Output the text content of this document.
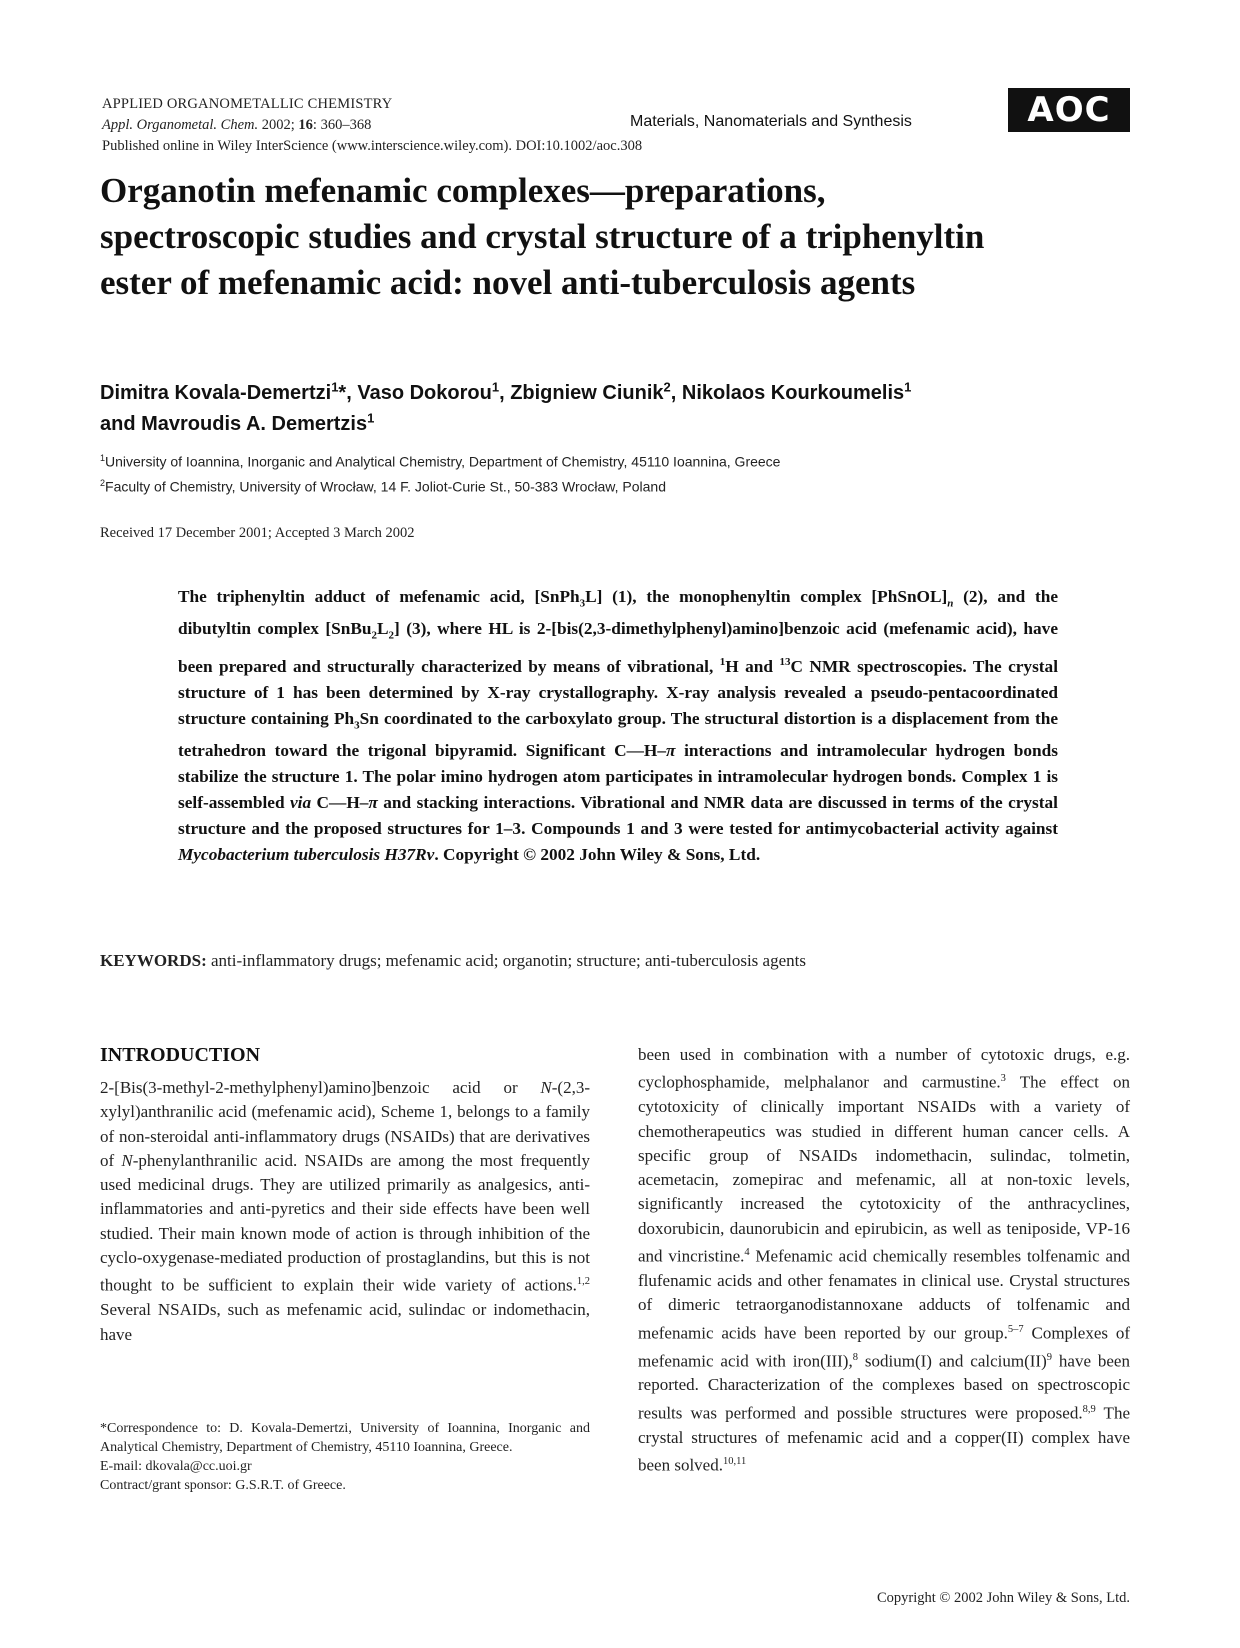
APPLIED ORGANOMETALLIC CHEMISTRY
Appl. Organometal. Chem. 2002; 16: 360–368
Published online in Wiley InterScience (www.interscience.wiley.com). DOI:10.1002/aoc.308
Materials, Nanomaterials and Synthesis	AOC
Organotin mefenamic complexes—preparations, spectroscopic studies and crystal structure of a triphenyltin ester of mefenamic acid: novel anti-tuberculosis agents
Dimitra Kovala-Demertzi$^1$*, Vaso Dokorou$^1$, Zbigniew Ciunik$^2$, Nikolaos Kourkoumelis$^1$
and Mavroudis A. Demertzis$^1$
$^1$University of Ioannina, Inorganic and Analytical Chemistry, Department of Chemistry, 45110 Ioannina, Greece
$^2$Faculty of Chemistry, University of Wrocław, 14 F. Joliot-Curie St., 50-383 Wrocław, Poland
Received 17 December 2001; Accepted 3 March 2002
The triphenyltin adduct of mefenamic acid, [SnPh$_3$L] (1), the monophenyltin complex $[PhSnOL]_n$ (2), and the dibutyltin complex $[SnBu_2L_2]$ (3), where HL is 2-[bis(2,3-dimethylphenyl)amino]benzoic acid (mefenamic acid), have been prepared and structurally characterized by means of vibrational, $^1$H and $^{13}$C NMR spectroscopies. The crystal structure of 1 has been determined by X-ray crystallography. X-ray analysis revealed a pseudo-pentacoordinated structure containing $Ph_3Sn$ coordinated to the carboxylato group. The structural distortion is a displacement from the tetrahedron toward the trigonal bipyramid. Significant C—H–π interactions and intramolecular hydrogen bonds stabilize the structure 1. The polar imino hydrogen atom participates in intramolecular hydrogen bonds. Complex 1 is self-assembled via C—H–π and stacking interactions. Vibrational and NMR data are discussed in terms of the crystal structure and the proposed structures for 1–3. Compounds 1 and 3 were tested for antimycobacterial activity against Mycobacterium tuberculosis H37Rv. Copyright © 2002 John Wiley & Sons, Ltd.
KEYWORDS: anti-inflammatory drugs; mefenamic acid; organotin; structure; anti-tuberculosis agents
INTRODUCTION
2-[Bis(3-methyl-2-methylphenyl)amino]benzoic acid or N-(2,3-xylyl)anthranilic acid (mefenamic acid), Scheme 1, belongs to a family of non-steroidal anti-inflammatory drugs (NSAIDs) that are derivatives of N-phenylanthranilic acid. NSAIDs are among the most frequently used medicinal drugs. They are utilized primarily as analgesics, anti-inflammatories and anti-pyretics and their side effects have been well studied. Their main known mode of action is through inhibition of the cyclo-oxygenase-mediated production of prostaglandins, but this is not thought to be sufficient to explain their wide variety of actions.$^{1,2}$ Several NSAIDs, such as mefenamic acid, sulindac or indomethacin, have
been used in combination with a number of cytotoxic drugs, e.g. cyclophosphamide, melphalanor and carmustine.$^3$ The effect on cytotoxicity of clinically important NSAIDs with a variety of chemotherapeutics was studied in different human cancer cells. A specific group of NSAIDs indomethacin, sulindac, tolmetin, acemetacin, zomepirac and mefenamic, all at non-toxic levels, significantly increased the cytotoxicity of the anthracyclines, doxorubicin, daunorubicin and epirubicin, as well as teniposide, VP-16 and vincristine.$^4$ Mefenamic acid chemically resembles tolfenamic and flufenamic acids and other fenamates in clinical use. Crystal structures of dimeric tetraorganodistannoxane adducts of tolfenamic and mefenamic acids have been reported by our group.$^{5-7}$ Complexes of mefenamic acid with iron(III),$^8$ sodium(I) and calcium(II)$^9$ have been reported. Characterization of the complexes based on spectroscopic results was performed and possible structures were proposed.$^{8,9}$ The crystal structures of mefenamic acid and a copper(II) complex have been solved.$^{10,11}$
*Correspondence to: D. Kovala-Demertzi, University of Ioannina, Inorganic and Analytical Chemistry, Department of Chemistry, 45110 Ioannina, Greece.
E-mail: dkovala@cc.uoi.gr
Contract/grant sponsor: G.S.R.T. of Greece.
Copyright © 2002 John Wiley & Sons, Ltd.
